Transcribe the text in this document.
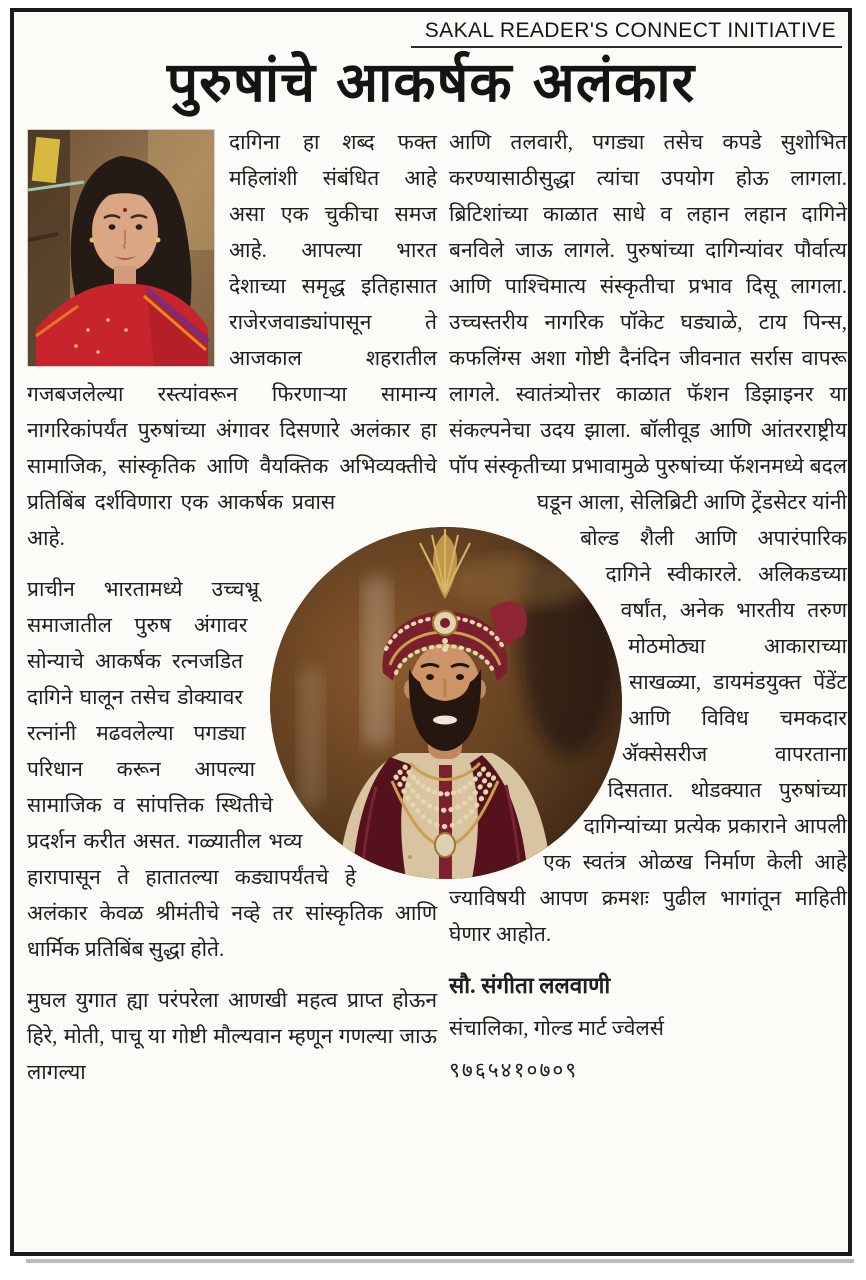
SAKAL READER'S CONNECT INITIATIVE
पुरुषांचे आकर्षक अलंकार

दागिना हा शब्द फक्त महिलांशी संबंधित आहे असा एक चुकीचा समज आहे. आपल्या भारत देशाच्या समृद्ध इतिहासात राजेरजवाड्यांपासून ते आजकाल शहरातील गजबजलेल्या रस्त्यांवरून फिरणाऱ्या सामान्य नागरिकांपर्यंत पुरुषांच्या अंगावर दिसणारे अलंकार हा सामाजिक, सांस्कृतिक आणि वैयक्तिक अभिव्यक्तीचे प्रतिबिंब दर्शविणारा एक आकर्षक प्रवास आहे.

प्राचीन भारतामध्ये उच्चभ्रू समाजातील पुरुष अंगावर सोन्याचे आकर्षक रत्नजडित दागिने घालून तसेच डोक्यावर रत्नांनी मढवलेल्या पगड्या परिधान करून आपल्या सामाजिक व सांपत्तिक स्थितीचे प्रदर्शन करीत असत. गळ्यातील भव्य हारापासून ते हातातल्या कड्यापर्यंतचे हे अलंकार केवळ श्रीमंतीचे नव्हे तर सांस्कृतिक आणि धार्मिक प्रतिबिंब सुद्धा होते.

मुघल युगात ह्या परंपरेला आणखी महत्व प्राप्त होऊन हिरे, मोती, पाचू या गोष्टी मौल्यवान म्हणून गणल्या जाऊ लागल्या

आणि तलवारी, पगड्या तसेच कपडे सुशोभित करण्यासाठीसुद्धा त्यांचा उपयोग होऊ लागला. ब्रिटिशांच्या काळात साधे व लहान लहान दागिने बनविले जाऊ लागले. पुरुषांच्या दागिन्यांवर पौर्वात्य आणि पाश्चिमात्य संस्कृतीचा प्रभाव दिसू लागला. उच्चस्तरीय नागरिक पॉकेट घड्याळे, टाय पिन्स, कफलिंग्स अशा गोष्टी दैनंदिन जीवनात सर्रास वापरू लागले. स्वातंत्र्योत्तर काळात फॅशन डिझाइनर या संकल्पनेचा उदय झाला. बॉलीवूड आणि आंतरराष्ट्रीय पॉप संस्कृतीच्या प्रभावामुळे पुरुषांच्या फॅशनमध्ये बदल घडून आला, सेलिब्रिटी आणि ट्रेंडसेटर यांनी बोल्ड शैली आणि अपारंपारिक दागिने स्वीकारले. अलिकडच्या वर्षांत, अनेक भारतीय तरुण मोठमोठ्या आकाराच्या साखळ्या, डायमंडयुक्त पेंडेंट आणि विविध चमकदार ॲक्सेसरीज वापरताना दिसतात. थोडक्यात पुरुषांच्या दागिन्यांच्या प्रत्येक प्रकाराने आपली एक स्वतंत्र ओळख निर्माण केली आहे ज्याविषयी आपण क्रमशः पुढील भागांतून माहिती घेणार आहोत.

सौ. संगीता ललवाणी

संचालिका, गोल्ड मार्ट ज्वेलर्स

९७६५४१०७०९
